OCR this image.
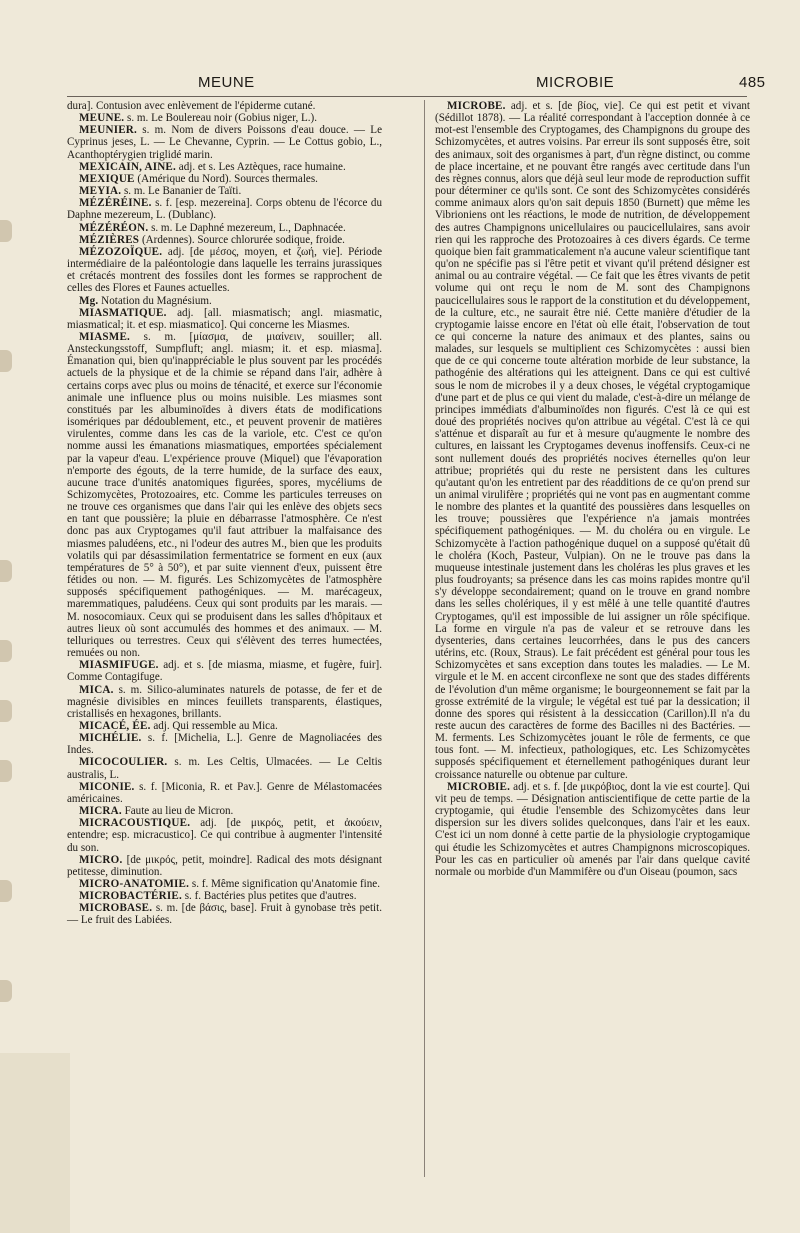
MEUNE	MICROBIE	485

dura]. Contusion avec enlèvement de l'épiderme cutané.

MEUNE. s. m. Le Boulereau noir (Gobius niger, L.).

MEUNIER. s. m. Nom de divers Poissons d'eau douce. — Le Cyprinus jeses, L. — Le Chevanne, Cyprin. — Le Cottus gobio, L., Acanthoptérygien triglidé marin.

MEXICAIN, AINE. adj. et s. Les Aztèques, race humaine.

MEXIQUE (Amérique du Nord). Sources thermales.

MEYIA. s. m. Le Bananier de Taïti.

MÉZÉRÉINE. s. f. [esp. mezereina]. Corps obtenu de l'écorce du Daphne mezereum, L. (Dublanc).

MÉZÉRÉON. s. m. Le Daphné mezereum, L., Daphnacée.

MÉZIÈRES (Ardennes). Source chlorurée sodique, froide.

MÉZOZOÏQUE. adj. [de μέσος, moyen, et ζωή, vie]. Période intermédiaire de la paléontologie dans laquelle les terrains jurassiques et crétacés montrent des fossiles dont les formes se rapprochent de celles des Flores et Faunes actuelles.

Mg. Notation du Magnésium.

MIASMATIQUE. adj. [all. miasmatisch; angl. miasmatic, miasmatical; it. et esp. miasmatico]. Qui concerne les Miasmes.

MIASME. s. m. [μίασμα, de μιαίνειν, souiller; all. Ansteckungsstoff, Sumpfluft; angl. miasm; it. et esp. miasma]. Émanation qui, bien qu'inappréciable le plus souvent par les procédés actuels de la physique et de la chimie se répand dans l'air, adhère à certains corps avec plus ou moins de ténacité, et exerce sur l'économie animale une influence plus ou moins nuisible. Les miasmes sont constitués par les albuminoïdes à divers états de modifications isomériques par dédoublement, etc., et peuvent provenir de matières virulentes, comme dans les cas de la variole, etc. C'est ce qu'on nomme aussi les émanations miasmatiques, emportées spécialement par la vapeur d'eau. L'expérience prouve (Miquel) que l'évaporation n'emporte des égouts, de la terre humide, de la surface des eaux, aucune trace d'unités anatomiques figurées, spores, mycéliums de Schizomycètes, Protozoaires, etc. Comme les particules terreuses on ne trouve ces organismes que dans l'air qui les enlève des objets secs en tant que poussière; la pluie en débarrasse l'atmosphère. Ce n'est donc pas aux Cryptogames qu'il faut attribuer la malfaisance des miasmes paludéens, etc., ni l'odeur des autres M., bien que les produits volatils qui par désassimilation fermentatrice se forment en eux (aux températures de 5° à 50°), et par suite viennent d'eux, puissent être fétides ou non. — M. figurés. Les Schizomycètes de l'atmosphère supposés spécifiquement pathogéniques. — M. marécageux, maremmatiques, paludéens. Ceux qui sont produits par les marais. — M. nosocomiaux. Ceux qui se produisent dans les salles d'hôpitaux et autres lieux où sont accumulés des hommes et des animaux. — M. telluriques ou terrestres. Ceux qui s'élèvent des terres humectées, remuées ou non.

MIASMIFUGE. adj. et s. [de miasma, miasme, et fugère, fuir]. Comme Contagifuge.

MICA. s. m. Silico-aluminates naturels de potasse, de fer et de magnésie divisibles en minces feuillets transparents, élastiques, cristallisés en hexagones, brillants.

MICACÉ, ÉE. adj. Qui ressemble au Mica.

MICHÉLIE. s. f. [Michelia, L.]. Genre de Magnoliacées des Indes.

MICOCOULIER. s. m. Les Celtis, Ulmacées. — Le Celtis australis, L.

MICONIE. s. f. [Miconia, R. et Pav.]. Genre de Mélastomacées américaines.

MICRA. Faute au lieu de Micron.

MICRACOUSTIQUE. adj. [de μικρός, petit, et ἀκούειν, entendre; esp. micracustico]. Ce qui contribue à augmenter l'intensité du son.

MICRO. [de μικρός, petit, moindre]. Radical des mots désignant petitesse, diminution.

MICRO-ANATOMIE. s. f. Même signification qu'Anatomie fine.

MICROBACTÉRIE. s. f. Bactéries plus petites que d'autres.

MICROBASE. s. m. [de βάσις, base]. Fruit à gynobase très petit. — Le fruit des Labiées.

MICROBE. adj. et s. [de βίος, vie]. Ce qui est petit et vivant (Sédillot 1878). — La réalité correspondant à l'acception donnée à ce mot-est l'ensemble des Cryptogames, des Champignons du groupe des Schizomycètes, et autres voisins. Par erreur ils sont supposés être, soit des animaux, soit des organismes à part, d'un règne distinct, ou comme de place incertaine, et ne pouvant être rangés avec certitude dans l'un des règnes connus, alors que déjà seul leur mode de reproduction suffit pour déterminer ce qu'ils sont. Ce sont des Schizomycètes considérés comme animaux alors qu'on sait depuis 1850 (Burnett) que même les Vibrioniens ont les réactions, le mode de nutrition, de développement des autres Champignons unicellulaires ou paucicellulaires, sans avoir rien qui les rapproche des Protozoaires à ces divers égards. Ce terme quoique bien fait grammaticalement n'a aucune valeur scientifique tant qu'on ne spécifie pas si l'être petit et vivant qu'il prétend désigner est animal ou au contraire végétal. — Ce fait que les êtres vivants de petit volume qui ont reçu le nom de M. sont des Champignons paucicellulaires sous le rapport de la constitution et du développement, de la culture, etc., ne saurait être nié. Cette manière d'étudier de la cryptogamie laisse encore en l'état où elle était, l'observation de tout ce qui concerne la nature des animaux et des plantes, sains ou malades, sur lesquels se multiplient ces Schizomycètes : aussi bien que de ce qui concerne toute altération morbide de leur substance, la pathogénie des altérations qui les atteignent. Dans ce qui est cultivé sous le nom de microbes il y a deux choses, le végétal cryptogamique d'une part et de plus ce qui vient du malade, c'est-à-dire un mélange de principes immédiats d'albuminoïdes non figurés. C'est là ce qui est doué des propriétés nocives qu'on attribue au végétal. C'est là ce qui s'atténue et disparaît au fur et à mesure qu'augmente le nombre des cultures, en laissant les Cryptogames devenus inoffensifs. Ceux-ci ne sont nullement doués des propriétés nocives éternelles qu'on leur attribue; propriétés qui du reste ne persistent dans les cultures qu'autant qu'on les entretient par des réadditions de ce qu'on prend sur un animal virulifère ; propriétés qui ne vont pas en augmentant comme le nombre des plantes et la quantité des poussières dans lesquelles on les trouve; poussières que l'expérience n'a jamais montrées spécifiquement pathogéniques. — M. du choléra ou en virgule. Le Schizomycète à l'action pathogénique duquel on a supposé qu'était dû le choléra (Koch, Pasteur, Vulpian). On ne le trouve pas dans la muqueuse intestinale justement dans les choléras les plus graves et les plus foudroyants; sa présence dans les cas moins rapides montre qu'il s'y développe secondairement; quand on le trouve en grand nombre dans les selles cholériques, il y est mêlé à une telle quantité d'autres Cryptogames, qu'il est impossible de lui assigner un rôle spécifique. La forme en virgule n'a pas de valeur et se retrouve dans les dysenteries, dans certaines leucorrhées, dans le pus des cancers utérins, etc. (Roux, Straus). Le fait précédent est général pour tous les Schizomycètes et sans exception dans toutes les maladies. — Le M. virgule et le M. en accent circonflexe ne sont que des stades différents de l'évolution d'un même organisme; le bourgeonnement se fait par la grosse extrémité de la virgule; le végétal est tué par la dessication; il donne des spores qui résistent à la dessiccation (Carillon).Il n'a du reste aucun des caractères de forme des Bacilles ni des Bactéries. — M. ferments. Les Schizomycètes jouant le rôle de ferments, ce que tous font. — M. infectieux, pathologiques, etc. Les Schizomycètes supposés spécifiquement et éternellement pathogéniques durant leur croissance naturelle ou obtenue par culture.

MICROBIE. adj. et s. f. [de μικρόβιος, dont la vie est courte]. Qui vit peu de temps. — Désignation antiscientifique de cette partie de la cryptogamie, qui étudie l'ensemble des Schizomycètes dans leur dispersion sur les divers solides quelconques, dans l'air et les eaux. C'est ici un nom donné à cette partie de la physiologie cryptogamique qui étudie les Schizomycètes et autres Champignons microscopiques. Pour les cas en particulier où amenés par l'air dans quelque cavité normale ou morbide d'un Mammifère ou d'un Oiseau (poumon, sacs
